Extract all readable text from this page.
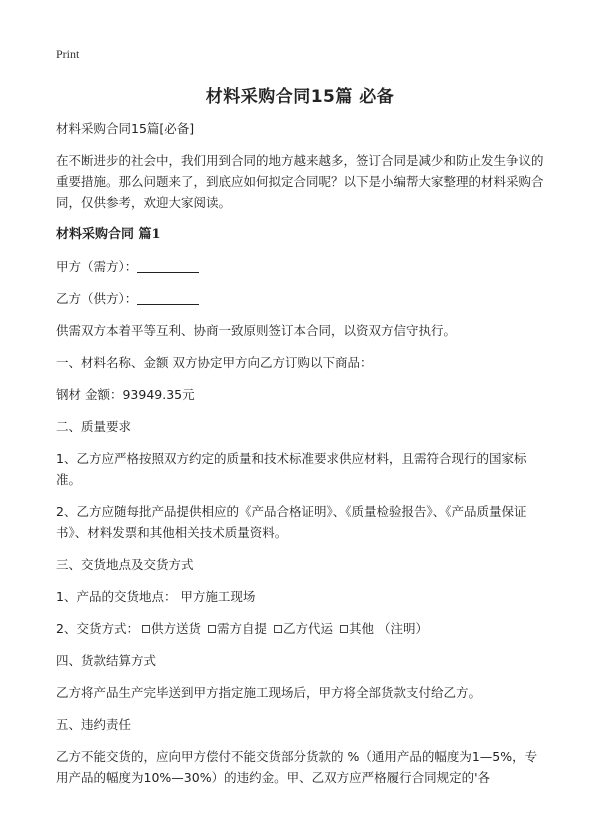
Print
材料采购合同15篇 必备

材料采购合同15篇[必备]

在不断进步的社会中，我们用到合同的地方越来越多，签订合同是减少和防止发生争议的重要措施。那么问题来了，到底应如何拟定合同呢？以下是小编帮大家整理的材料采购合同，仅供参考，欢迎大家阅读。

材料采购合同 篇1

甲方（需方）：

乙方（供方）：

供需双方本着平等互利、协商一致原则签订本合同，以资双方信守执行。

一、材料名称、金额 双方协定甲方向乙方订购以下商品：

钢材 金额：93949.35元

二、质量要求

1、乙方应严格按照双方约定的质量和技术标准要求供应材料，且需符合现行的国家标准。

2、乙方应随每批产品提供相应的《产品合格证明》、《质量检验报告》、《产品质量保证书》、材料发票和其他相关技术质量资料。

三、交货地点及交货方式

1、产品的交货地点： 甲方施工现场

2、交货方式： 供方送货 需方自提 乙方代运 其他 （注明）

四、货款结算方式

乙方将产品生产完毕送到甲方指定施工现场后，甲方将全部货款支付给乙方。

五、违约责任

乙方不能交货的，应向甲方偿付不能交货部分货款的 %（通用产品的幅度为1—5%，专用产品的幅度为10%—30%）的违约金。甲、乙双方应严格履行合同规定的'各
